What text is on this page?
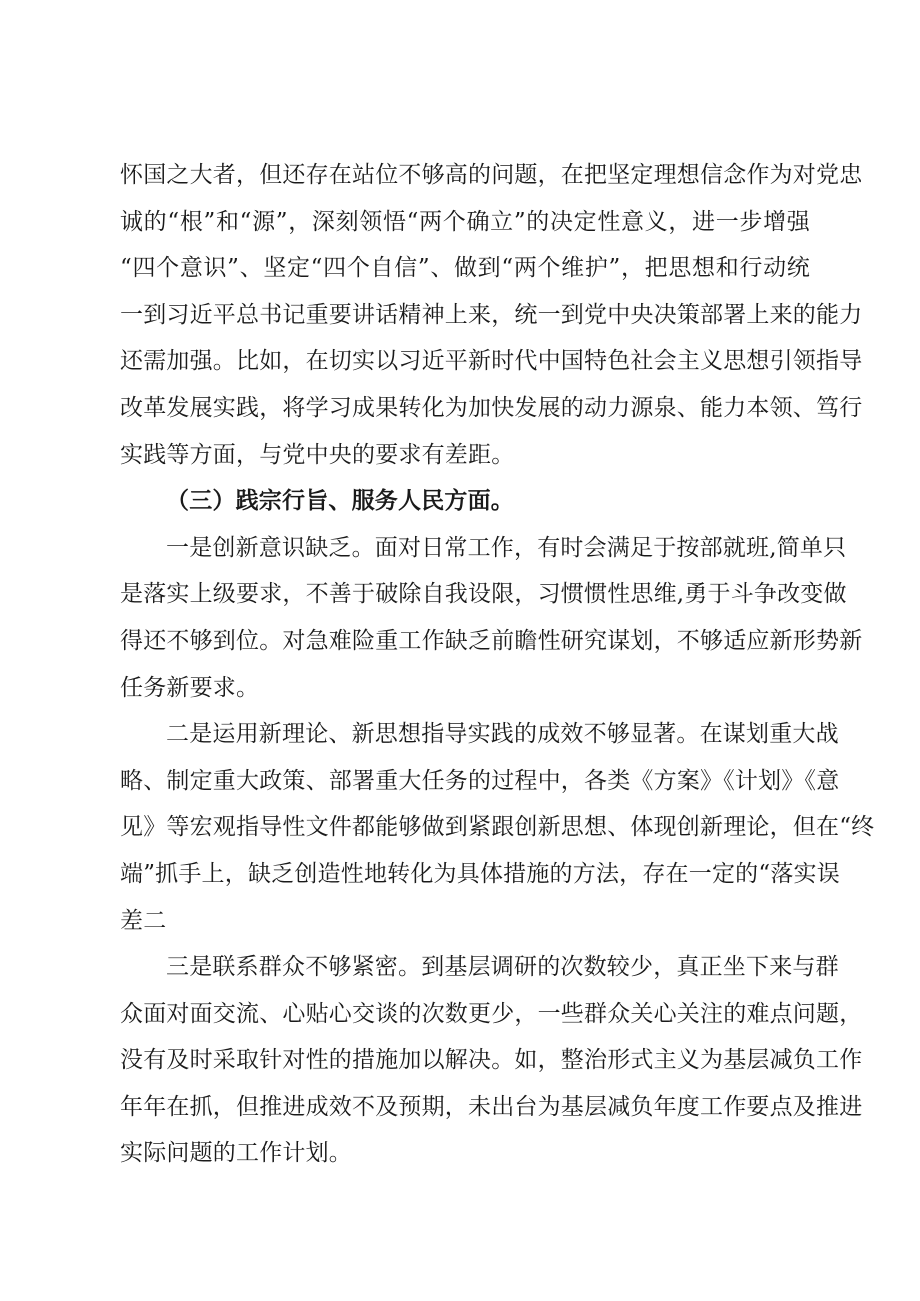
怀国之大者，但还存在站位不够高的问题，在把坚定理想信念作为对党忠
诚的“根”和“源”，深刻领悟“两个确立”的决定性意义，进一步增强
“四个意识”、坚定“四个自信”、做到“两个维护”，把思想和行动统
一到习近平总书记重要讲话精神上来，统一到党中央决策部署上来的能力
还需加强。比如，在切实以习近平新时代中国特色社会主义思想引领指导
改革发展实践，将学习成果转化为加快发展的动力源泉、能力本领、笃行
实践等方面，与党中央的要求有差距。
（三）践宗行旨、服务人民方面。
一是创新意识缺乏。面对日常工作，有时会满足于按部就班,简单只
是落实上级要求，不善于破除自我设限，习惯惯性思维,勇于斗争改变做
得还不够到位。对急难险重工作缺乏前瞻性研究谋划，不够适应新形势新
任务新要求。
二是运用新理论、新思想指导实践的成效不够显著。在谋划重大战
略、制定重大政策、部署重大任务的过程中，各类《方案》《计划》《意
见》等宏观指导性文件都能够做到紧跟创新思想、体现创新理论，但在“终
端”抓手上，缺乏创造性地转化为具体措施的方法，存在一定的“落实误
差二
三是联系群众不够紧密。到基层调研的次数较少，真正坐下来与群
众面对面交流、心贴心交谈的次数更少，一些群众关心关注的难点问题，
没有及时采取针对性的措施加以解决。如，整治形式主义为基层减负工作
年年在抓，但推进成效不及预期，未出台为基层减负年度工作要点及推进
实际问题的工作计划。
